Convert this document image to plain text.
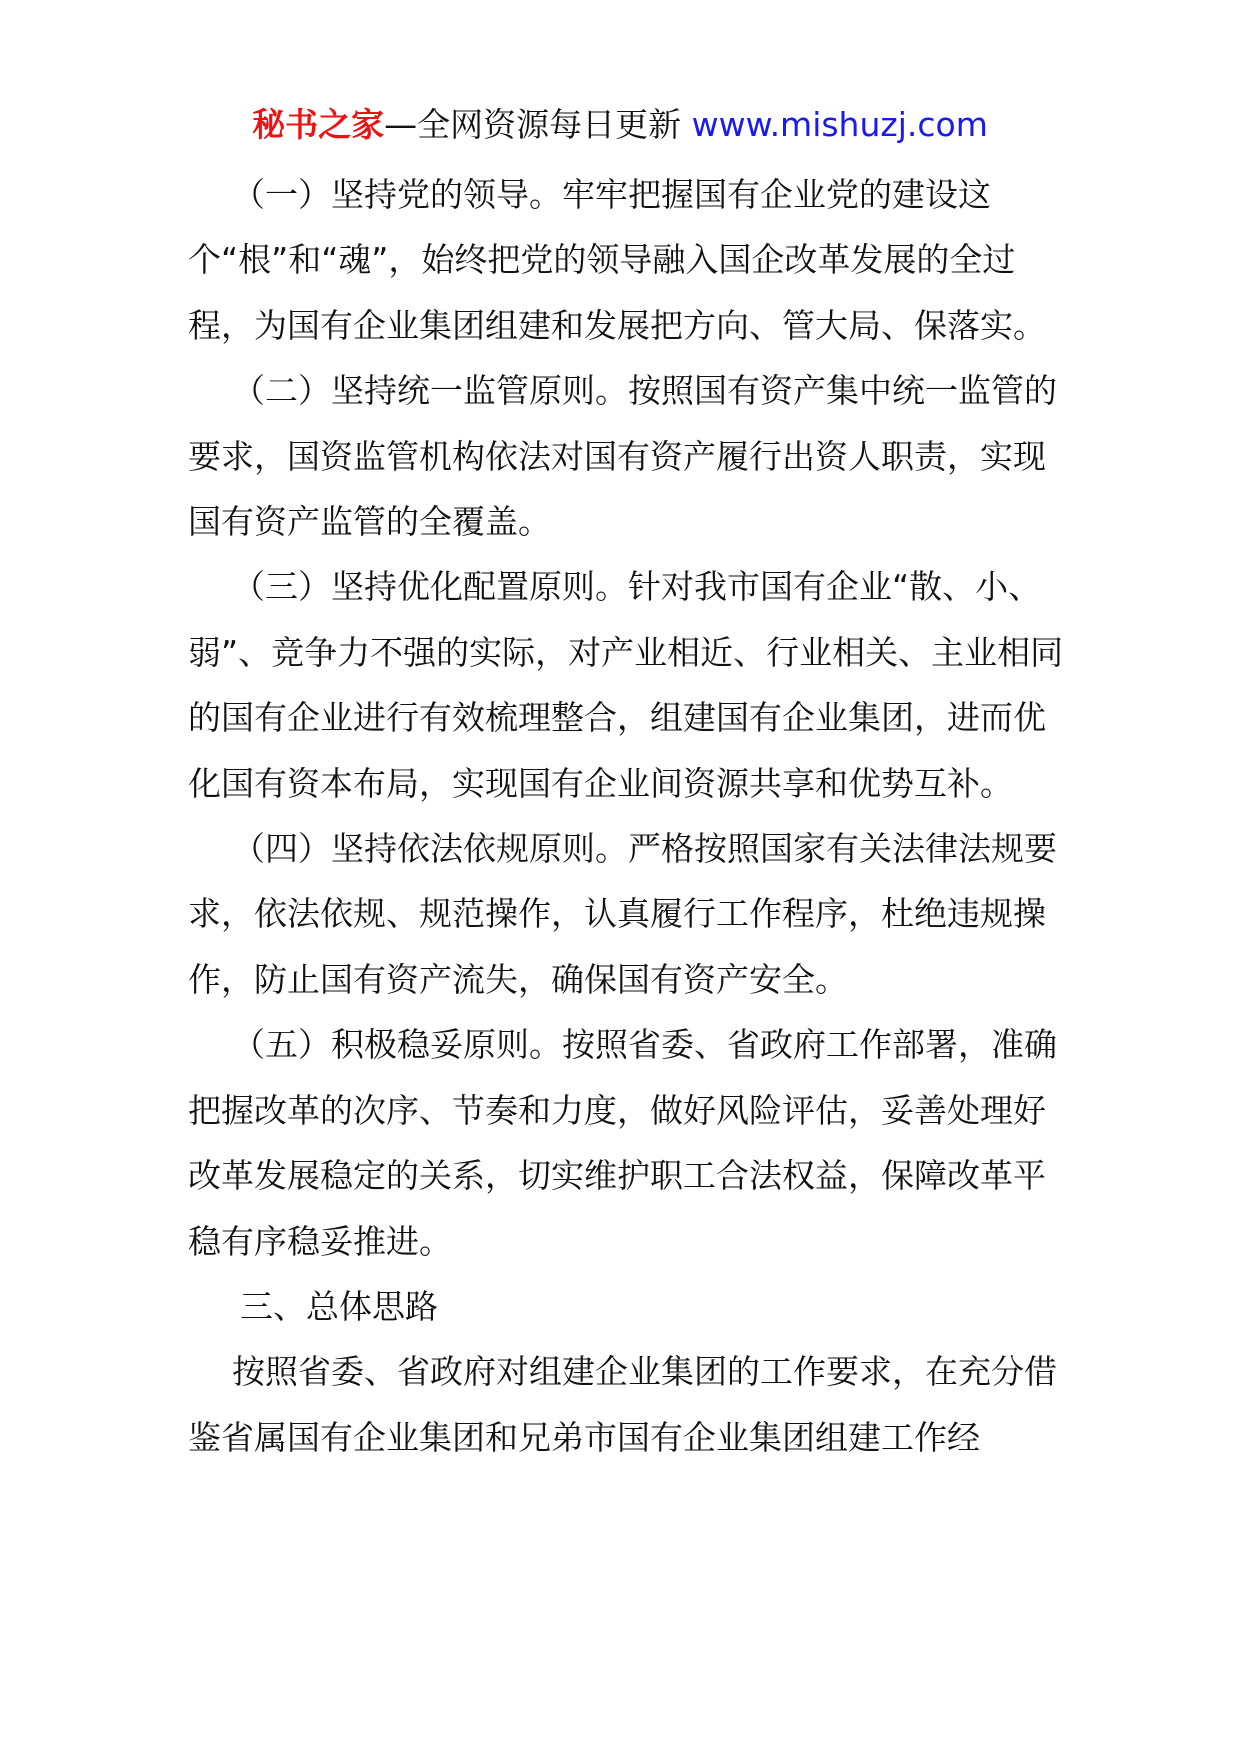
秘书之家—全网资源每日更新 www.mishuzj.com

（一）坚持党的领导。牢牢把握国有企业党的建设这个“根”和“魂”，始终把党的领导融入国企改革发展的全过程，为国有企业集团组建和发展把方向、管大局、保落实。

（二）坚持统一监管原则。按照国有资产集中统一监管的要求，国资监管机构依法对国有资产履行出资人职责，实现国有资产监管的全覆盖。

（三）坚持优化配置原则。针对我市国有企业“散、小、弱”、竞争力不强的实际，对产业相近、行业相关、主业相同的国有企业进行有效梳理整合，组建国有企业集团，进而优化国有资本布局，实现国有企业间资源共享和优势互补。

（四）坚持依法依规原则。严格按照国家有关法律法规要求，依法依规、规范操作，认真履行工作程序，杜绝违规操作，防止国有资产流失，确保国有资产安全。

（五）积极稳妥原则。按照省委、省政府工作部署，准确把握改革的次序、节奏和力度，做好风险评估，妥善处理好改革发展稳定的关系，切实维护职工合法权益，保障改革平稳有序稳妥推进。

三、总体思路

按照省委、省政府对组建企业集团的工作要求，在充分借鉴省属国有企业集团和兄弟市国有企业集团组建工作经
